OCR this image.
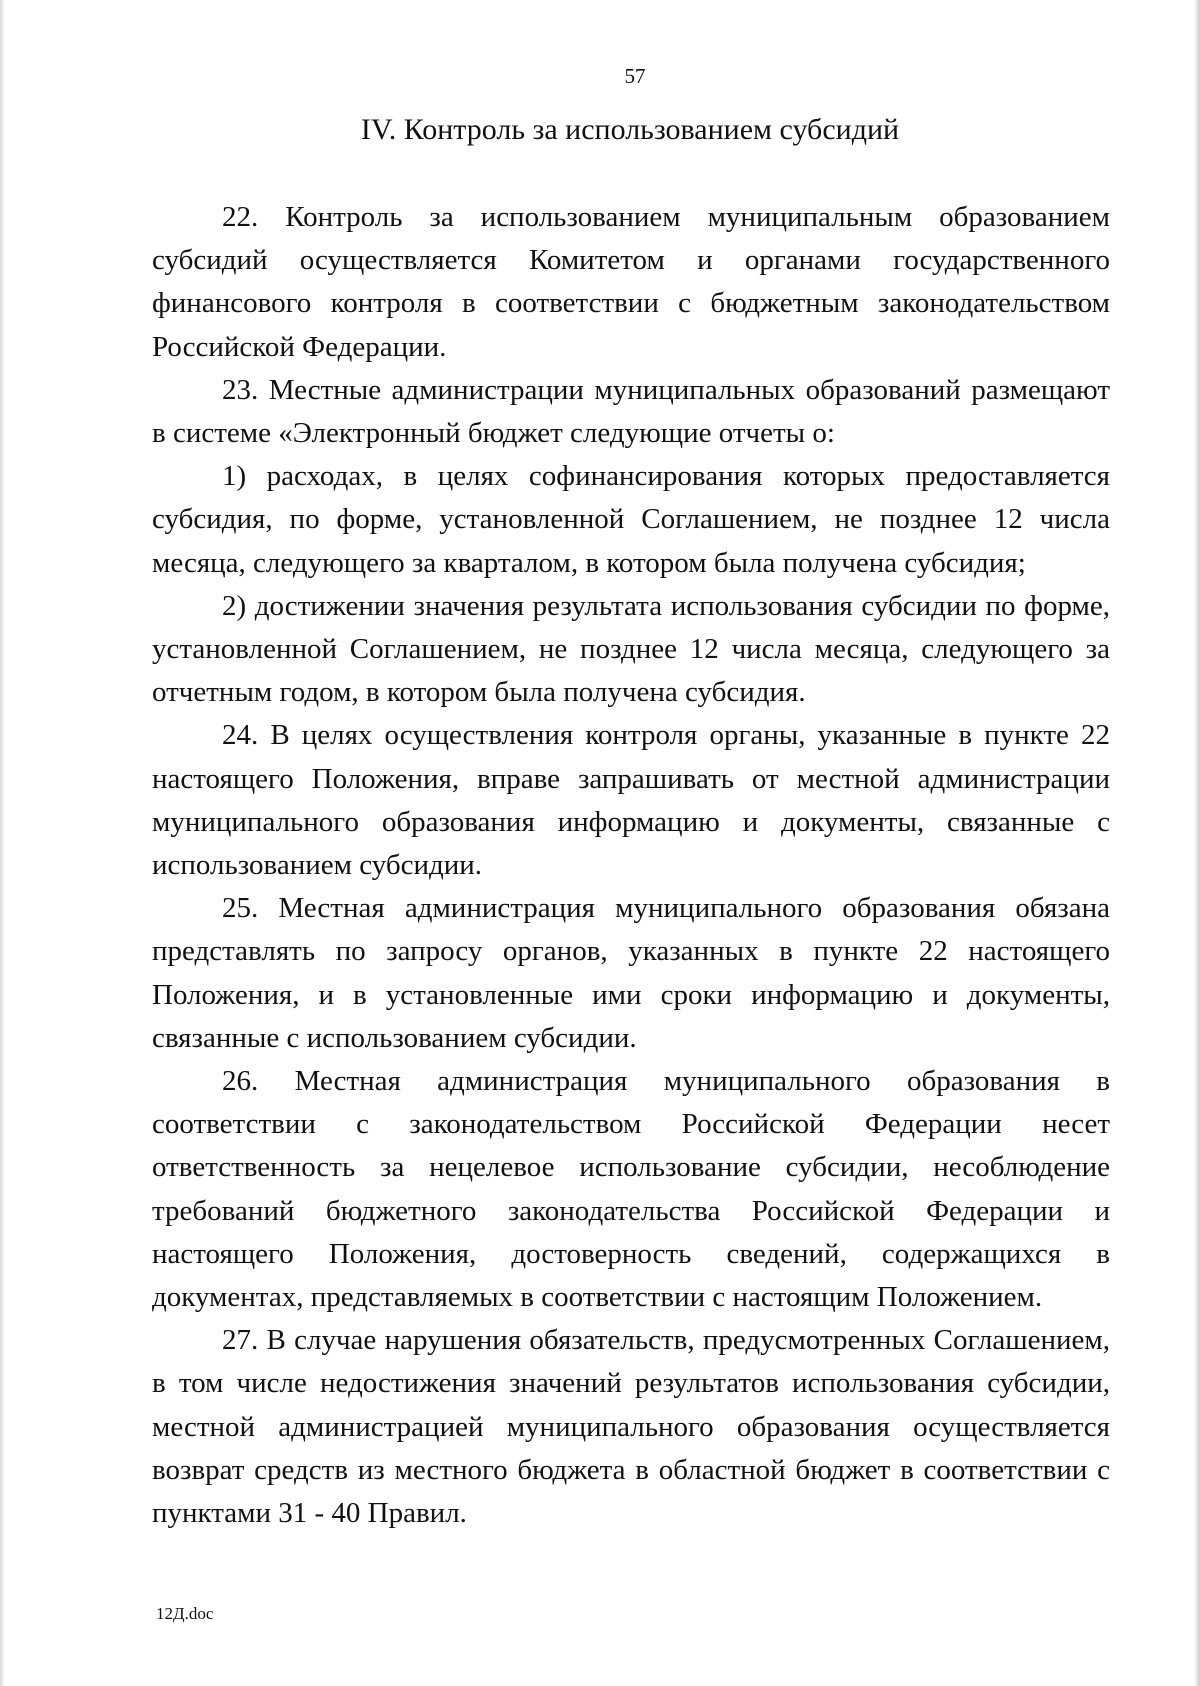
57
IV. Контроль за использованием субсидий

22. Контроль за использованием муниципальным образованием субсидий осуществляется Комитетом и органами государственного финансового контроля в соответствии с бюджетным законодательством Российской Федерации.

23. Местные администрации муниципальных образований размещают в системе «Электронный бюджет следующие отчеты о:

1) расходах, в целях софинансирования которых предоставляется субсидия, по форме, установленной Соглашением, не позднее 12 числа месяца, следующего за кварталом, в котором была получена субсидия;

2) достижении значения результата использования субсидии по форме, установленной Соглашением, не позднее 12 числа месяца, следующего за отчетным годом, в котором была получена субсидия.

24. В целях осуществления контроля органы, указанные в пункте 22 настоящего Положения, вправе запрашивать от местной администрации муниципального образования информацию и документы, связанные с использованием субсидии.

25. Местная администрация муниципального образования обязана представлять по запросу органов, указанных в пункте 22 настоящего Положения, и в установленные ими сроки информацию и документы, связанные с использованием субсидии.

26. Местная администрация муниципального образования в соответствии с законодательством Российской Федерации несет ответственность за нецелевое использование субсидии, несоблюдение требований бюджетного законодательства Российской Федерации и настоящего Положения, достоверность сведений, содержащихся в документах, представляемых в соответствии с настоящим Положением.

27. В случае нарушения обязательств, предусмотренных Соглашением, в том числе недостижения значений результатов использования субсидии, местной администрацией муниципального образования осуществляется возврат средств из местного бюджета в областной бюджет в соответствии с пунктами 31 - 40 Правил.

12Д.doc
